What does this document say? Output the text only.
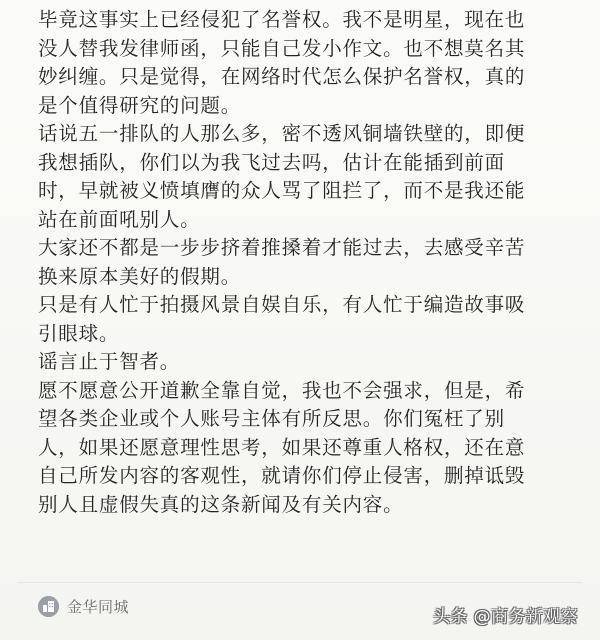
毕竟这事实上已经侵犯了名誉权。我不是明星，现在也
没人替我发律师函，只能自己发小作文。也不想莫名其
妙纠缠。只是觉得，在网络时代怎么保护名誉权，真的
是个值得研究的问题。
话说五一排队的人那么多，密不透风铜墙铁壁的，即便
我想插队，你们以为我飞过去吗，估计在能插到前面
时，早就被义愤填膺的众人骂了阻拦了，而不是我还能
站在前面吼别人。
大家还不都是一步步挤着推搡着才能过去，去感受辛苦
换来原本美好的假期。
只是有人忙于拍摄风景自娱自乐，有人忙于编造故事吸
引眼球。
谣言止于智者。
愿不愿意公开道歉全靠自觉，我也不会强求，但是，希
望各类企业或个人账号主体有所反思。你们冤枉了别
人，如果还愿意理性思考，如果还尊重人格权，还在意
自己所发内容的客观性，就请你们停止侵害，删掉诋毁
别人且虚假失真的这条新闻及有关内容。
金华同城	头条 @商务新观察
